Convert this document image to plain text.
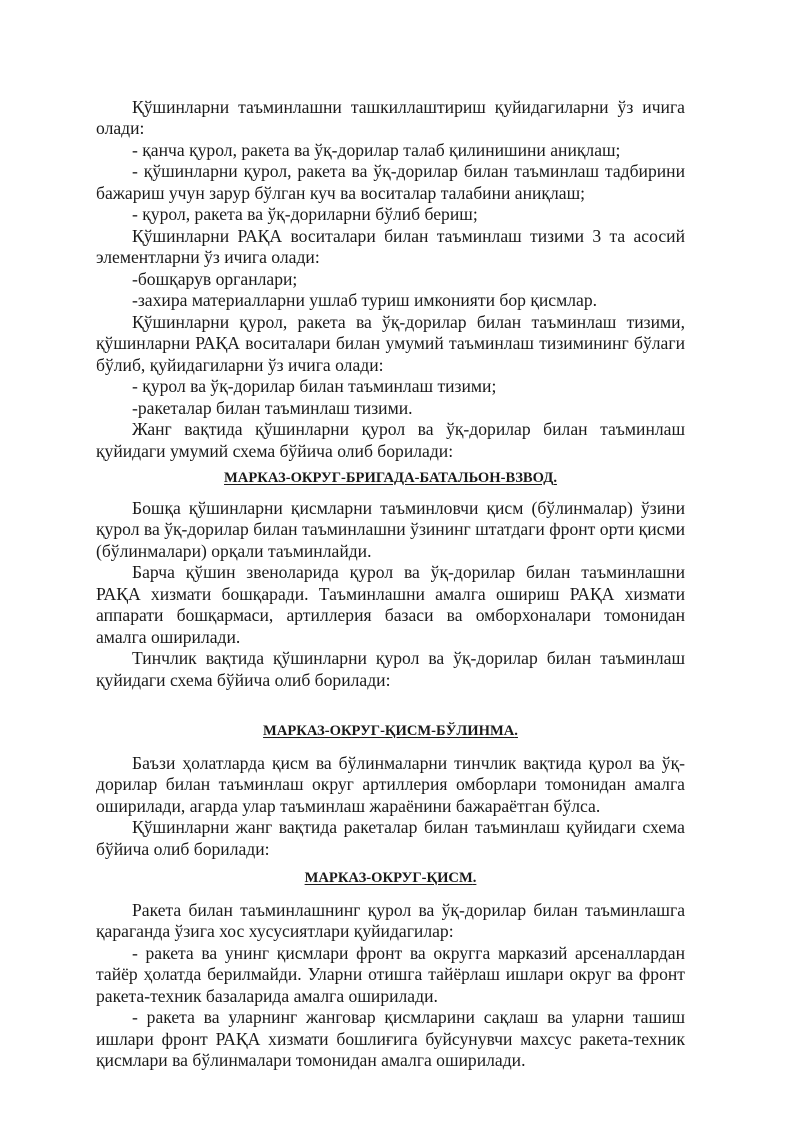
Қўшинларни таъминлашни ташкиллаштириш қуйидагиларни ўз ичига олади:

- қанча қурол, ракета ва ўқ-дорилар талаб қилинишини аниқлаш;

- қўшинларни қурол, ракета ва ўқ-дорилар билан таъминлаш тадбирини бажариш учун зарур бўлган куч ва воситалар талабини аниқлаш;

- қурол, ракета ва ўқ-дориларни бўлиб бериш;

Қўшинларни РАҚА воситалари билан таъминлаш тизими 3 та асосий элементларни ўз ичига олади:

-бошқарув органлари;

-захира материалларни ушлаб туриш имконияти бор қисмлар.

Қўшинларни қурол, ракета ва ўқ-дорилар билан таъминлаш тизими, қўшинларни РАҚА воситалари билан умумий таъминлаш тизимининг бўлаги бўлиб, қуйидагиларни ўз ичига олади:

- қурол ва ўқ-дорилар билан таъминлаш тизими;

-ракеталар билан таъминлаш тизими.

Жанг вақтида қўшинларни қурол ва ўқ-дорилар билан таъминлаш қуйидаги умумий схема бўйича олиб борилади:

МАРКАЗ-ОКРУГ-БРИГАДА-БАТАЛЬОН-ВЗВОД.

Бошқа қўшинларни қисмларни таъминловчи қисм (бўлинмалар) ўзини қурол ва ўқ-дорилар билан таъминлашни ўзининг штатдаги фронт орти қисми (бўлинмалари) орқали таъминлайди.

Барча қўшин звеноларида қурол ва ўқ-дорилар билан таъминлашни РАҚА хизмати бошқаради. Таъминлашни амалга ошириш РАҚА хизмати аппарати бошқармаси, артиллерия базаси ва омборхоналари томонидан амалга оширилади.

Тинчлик вақтида қўшинларни қурол ва ўқ-дорилар билан таъминлаш қуйидаги схема бўйича олиб борилади:

МАРКАЗ-ОКРУГ-ҚИСМ-БЎЛИНМА.

Баъзи ҳолатларда қисм ва бўлинмаларни тинчлик вақтида қурол ва ўқ-дорилар билан таъминлаш округ артиллерия омборлари томонидан амалга оширилади, агарда улар таъминлаш жараёнини бажараётган бўлса.

Қўшинларни жанг вақтида ракеталар билан таъминлаш қуйидаги схема бўйича олиб борилади:

МАРКАЗ-ОКРУГ-ҚИСМ.

Ракета билан таъминлашнинг қурол ва ўқ-дорилар билан таъминлашга қараганда ўзига хос хусусиятлари қуйидагилар:

- ракета ва унинг қисмлари фронт ва округга марказий арсеналлардан тайёр ҳолатда берилмайди. Уларни отишга тайёрлаш ишлари округ ва фронт ракета-техник базаларида амалга оширилади.

- ракета ва уларнинг жанговар қисмларини сақлаш ва уларни ташиш ишлари фронт РАҚА хизмати бошлиғига буйсунувчи махсус ракета-техник қисмлари ва бўлинмалари томонидан амалга оширилади.
